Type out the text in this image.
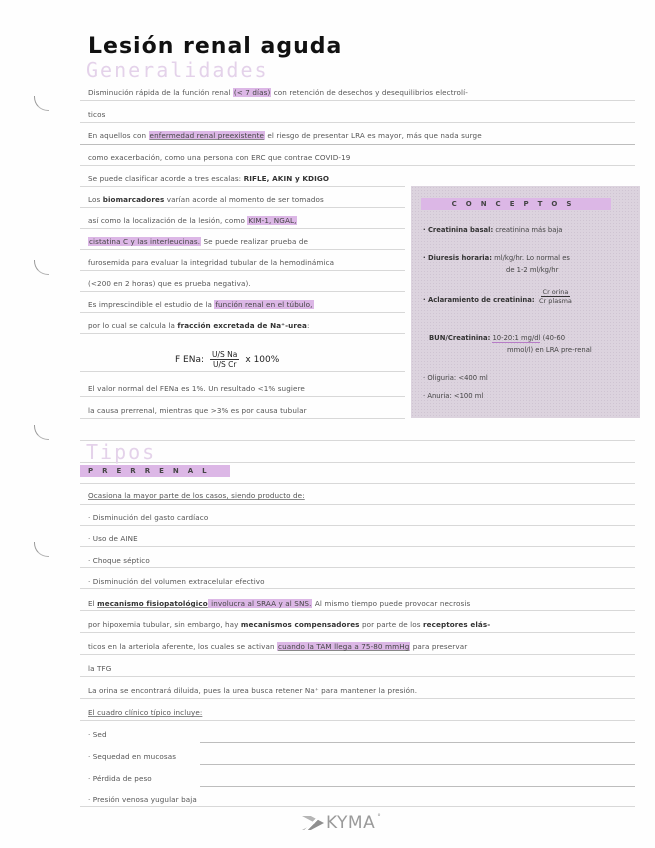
Lesión renal aguda
Generalidades
Disminución rápida de la función renal (< 7 días) con retención de desechos y desequilibrios electrolí-
ticos
En aquellos con enfermedad renal preexistente el riesgo de presentar LRA es mayor, más que nada surge
como exacerbación, como una persona con ERC que contrae COVID-19
Se puede clasificar acorde a tres escalas: RIFLE, AKIN y KDIGO
Los biomarcadores varían acorde al momento de ser tomados
así como la localización de la lesión, como KIM-1, NGAL,
cistatina C y las interleucinas. Se puede realizar prueba de
furosemida para evaluar la integridad tubular de la hemodinámica
(<200 en 2 horas) que es prueba negativa).
Es imprescindible el estudio de la función renal en el túbulo,
por lo cual se calcula la fracción excretada de Na⁺-urea:
F ENa: $\frac{\text{U/S Na}}{\text{U/S Cr}}$ x 100%
El valor normal del FENa es 1%. Un resultado <1% sugiere
la causa prerrenal, mientras que >3% es por causa tubular
CONCEPTOS
· Creatinina basal: creatinina más baja
· Diuresis horaria: ml/kg/hr. Lo normal es
de 1-2 ml/kg/hr
· Aclaramiento de creatinina:
Cr orina
Cr plasma
BUN/Creatinina: 10-20:1 mg/dl (40-60
mmol/l) en LRA pre-renal
· Oliguria: <400 ml
· Anuria: <100 ml
Tipos
PRERRENAL
Ocasiona la mayor parte de los casos, siendo producto de:
· Disminución del gasto cardíaco
· Uso de AINE
· Choque séptico
· Disminución del volumen extracelular efectivo
El mecanismo fisiopatológico involucra al SRAA y al SNS. Al mismo tiempo puede provocar necrosis
por hipoxemia tubular, sin embargo, hay mecanismos compensadores por parte de los receptores elás-
ticos en la arteriola aferente, los cuales se activan cuando la TAM llega a 75-80 mmHg para preservar
la TFG
La orina se encontrará diluida, pues la urea busca retener Na⁺ para mantener la presión.
El cuadro clínico típico incluye:
· Sed
· Sequedad en mucosas
· Pérdida de peso
· Presión venosa yugular baja
KYMA °
